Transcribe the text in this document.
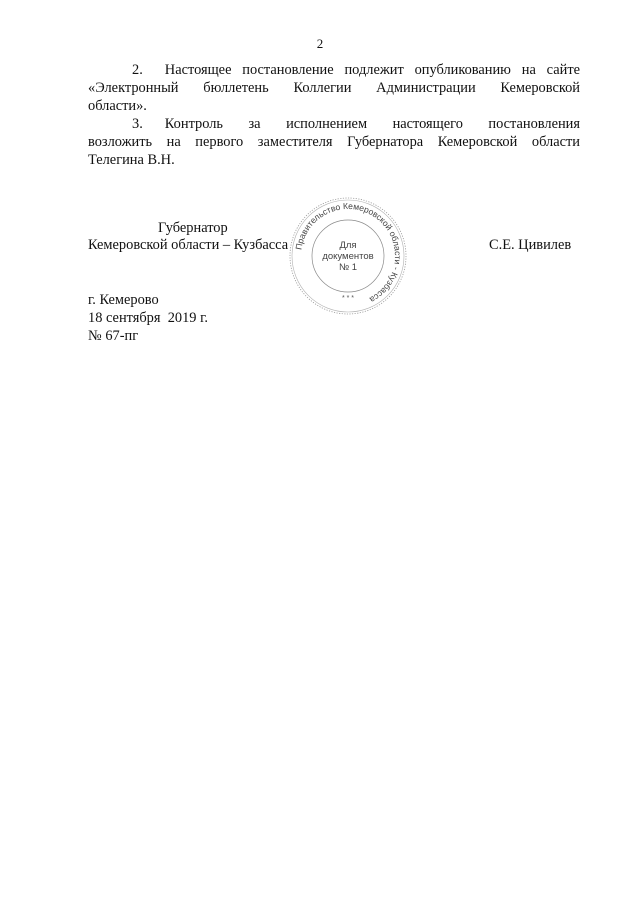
2
2. Настоящее постановление подлежит опубликованию на сайте
«Электронный бюллетень Коллегии Администрации Кемеровской
области».
3. Контроль за исполнением настоящего постановления
возложить на первого заместителя Губернатора Кемеровской области
Телегина В.Н.
Губернатор
Кемеровской области – Кузбасса	С.Е. Цивилев
Правительство Кемеровской области - Кузбасса
Для
документов
№ 1
* * *
г. Кемерово
18 сентября  2019 г.
№ 67-пг
